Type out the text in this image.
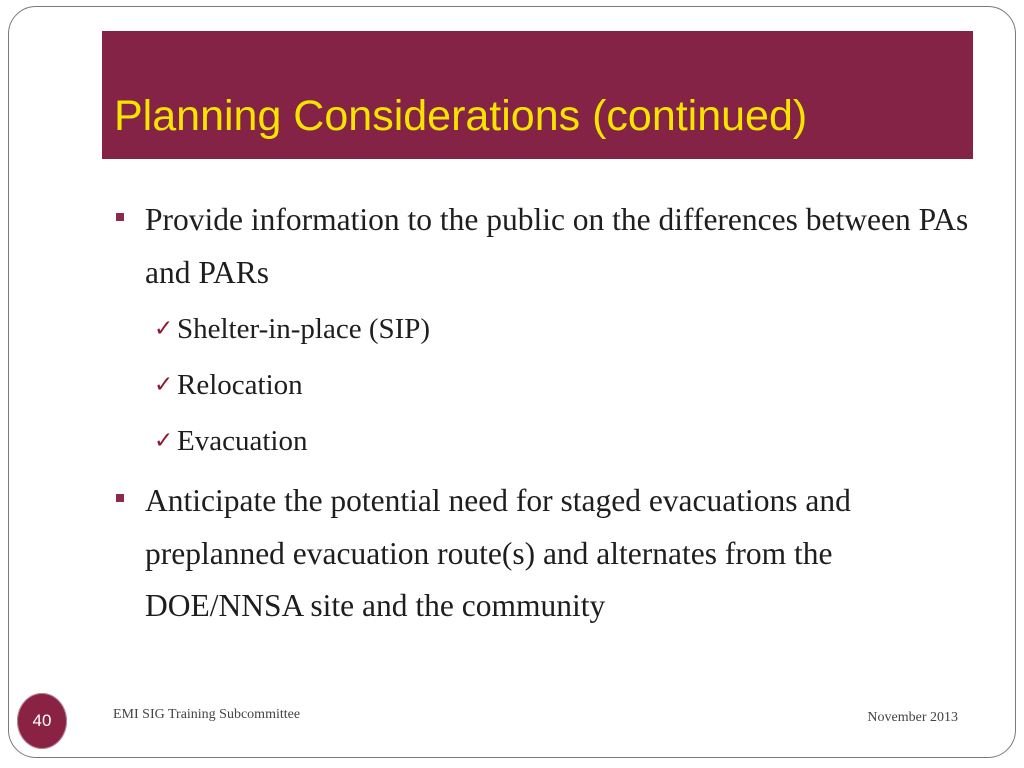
Planning Considerations (continued)
Provide information to the public on the differences between PAs and PARs
✓ Shelter-in-place (SIP)
✓ Relocation
✓ Evacuation
Anticipate the potential need for staged evacuations and preplanned evacuation route(s) and alternates from the DOE/NNSA site and the community
40	EMI SIG Training Subcommittee	November 2013
